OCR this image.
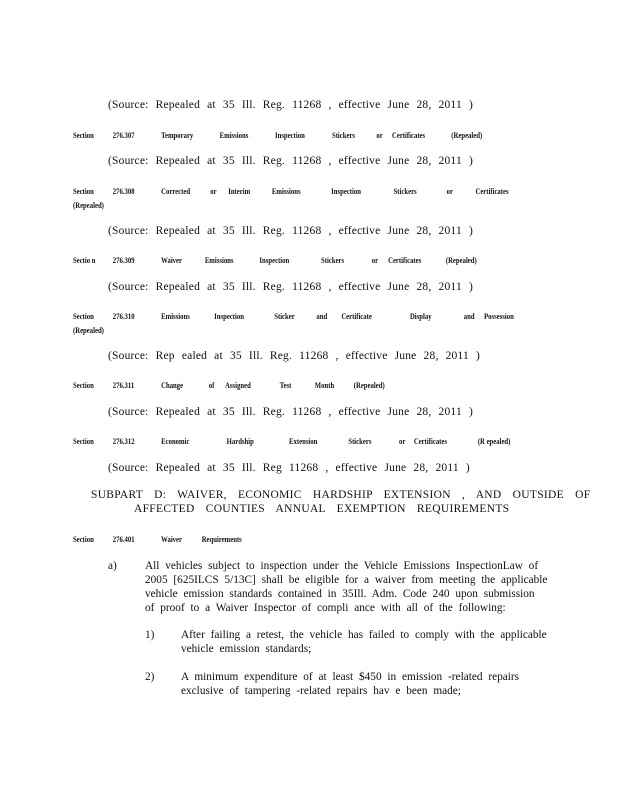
(Source: Repealed at 35 Ill. Reg. 11268 , effective June 28, 2011 )
(Source: Repealed at 35 Ill. Reg. 11268 , effective June 28, 2011 )
(Source: Repealed at 35 Ill. Reg. 11268 , effective June 28, 2011 )
(Source: Repealed at 35 Ill. Reg. 11268 , effective June 28, 2011 )
(Source: Rep ealed at 35 Ill. Reg. 11268 , effective June 28, 2011 )
(Source: Repealed at 35 Ill. Reg. 11268 , effective June 28, 2011 )
(Source: Repealed at 35 Ill. Reg 11268 , effective June 28, 2011 )
Section 276.307	Temporary	Emissions	Inspection	Stickers or Certificates	(Repealed)
Section 276.308	Corrected or Interim	Emissions	Inspection	Stickers	or	Certificates
(Repealed)
Sectio n 276.309	Waiver	Emissions	Inspection	Stickers	or Certificates	(Repealed)
Section 276.310	Emissions	Inspection	Sticker	and Certificate	Display	and Possession
(Repealed)
Section 276.311	Change	of Assigned	Test	Month (Repealed)
Section 276.312	Economic	Hardship	Extension	Stickers	or Certificates	(R epealed)
SUBPART D: WAIVER, ECONOMIC HARDSHIP EXTENSION , AND OUTSIDE OF
AFFECTED COUNTIES ANNUAL EXEMPTION REQUIREMENTS
Section 276.401	Waiver Requirements
a) All vehicles subject to inspection under the Vehicle Emissions InspectionLaw of
2005 [625ILCS 5/13C] shall be eligible for a waiver from meeting the applicable
vehicle emission standards contained in 35Ill. Adm. Code 240 upon submission
of proof to a Waiver Inspector of compli ance with all of the following:
1) After failing a retest, the vehicle has failed to comply with the applicable
vehicle emission standards;
2) A minimum expenditure of at least $450 in emission -related repairs
exclusive of tampering -related repairs hav e been made;
